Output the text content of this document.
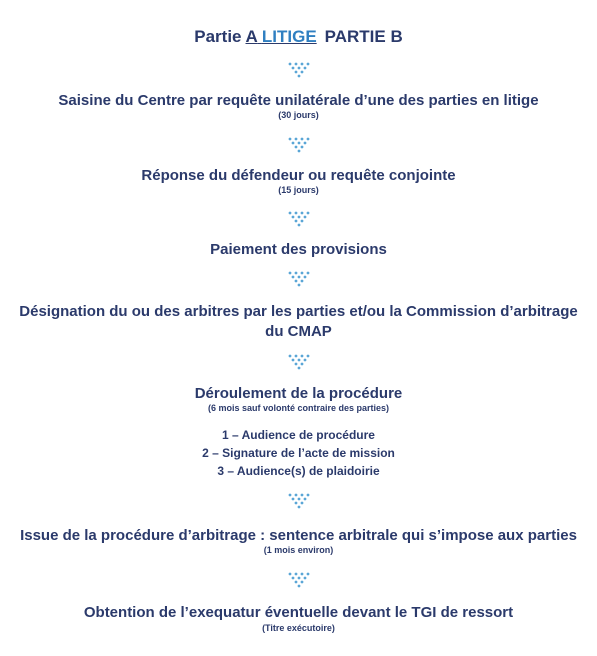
Partie A LITIGE PARTIE B
Saisine du Centre par requête unilatérale d’une des parties en litige
(30 jours)
Réponse du défendeur ou requête conjointe
(15 jours)
Paiement des provisions
Désignation du ou des arbitres par les parties et/ou la Commission d’arbitrage
du CMAP
Déroulement de la procédure
(6 mois sauf volonté contraire des parties)
1 – Audience de procédure
2 – Signature de l’acte de mission
3 – Audience(s) de plaidoirie
Issue de la procédure d’arbitrage : sentence arbitrale qui s’impose aux parties
(1 mois environ)
Obtention de l’exequatur éventuelle devant le TGI de ressort
(Titre exécutoire)
